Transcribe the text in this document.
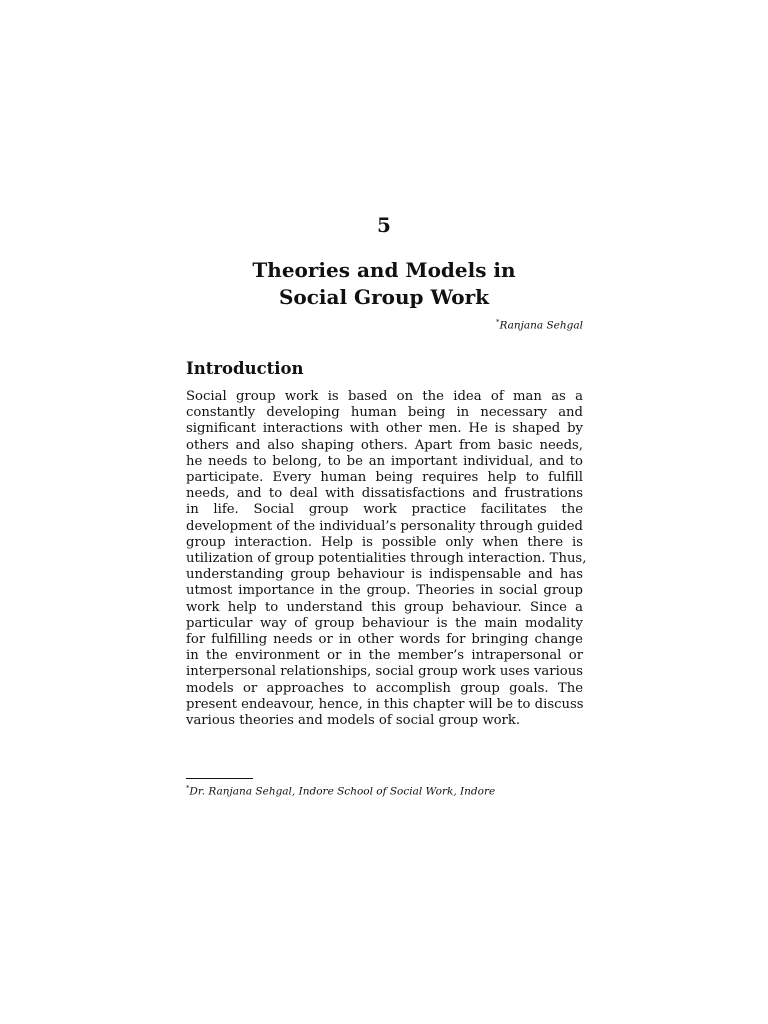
5
Theories and Models in
Social Group Work
*Ranjana Sehgal
Introduction
Social group work is based on the idea of man as a
constantly developing human being in necessary and
significant interactions with other men. He is shaped by
others and also shaping others. Apart from basic needs,
he needs to belong, to be an important individual, and to
participate. Every human being requires help to fulfill
needs, and to deal with dissatisfactions and frustrations
in life. Social group work practice facilitates the
development of the individual’s personality through guided
group interaction. Help is possible only when there is
utilization of group potentialities through interaction. Thus,
understanding group behaviour is indispensable and has
utmost importance in the group. Theories in social group
work help to understand this group behaviour. Since a
particular way of group behaviour is the main modality
for fulfilling needs or in other words for bringing change
in the environment or in the member’s intrapersonal or
interpersonal relationships, social group work uses various
models or approaches to accomplish group goals. The
present endeavour, hence, in this chapter will be to discuss
various theories and models of social group work.
*Dr. Ranjana Sehgal, Indore School of Social Work, Indore
